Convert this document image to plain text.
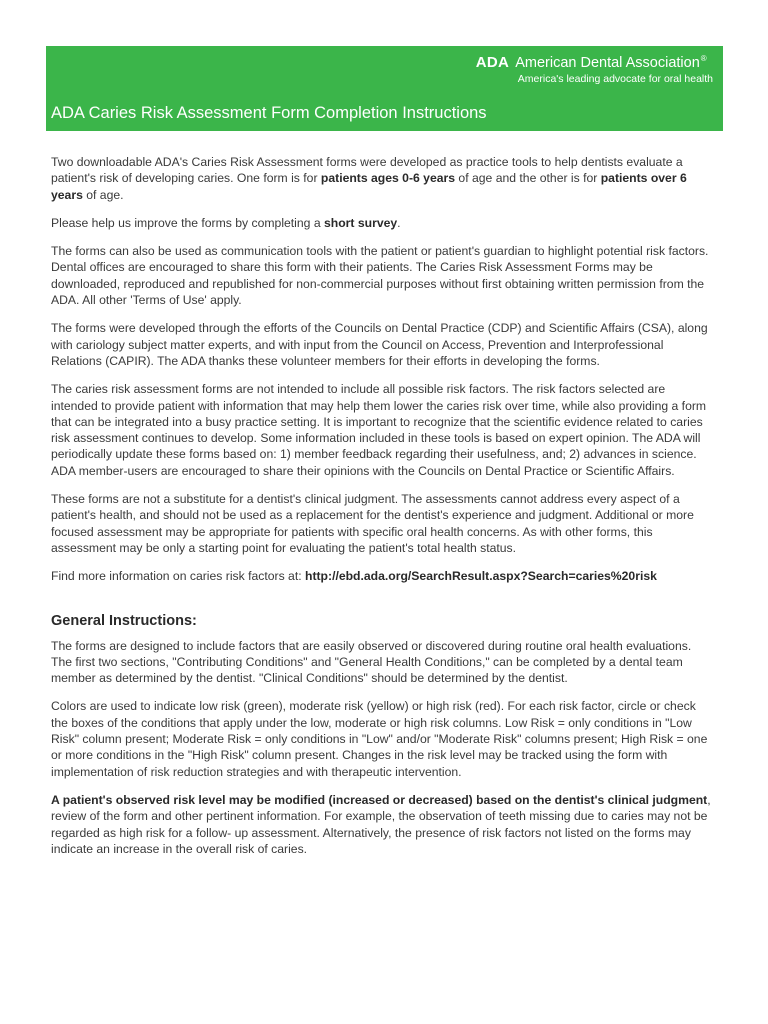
ADA American Dental Association®
America's leading advocate for oral health
ADA Caries Risk Assessment Form Completion Instructions

Two downloadable ADA's Caries Risk Assessment forms were developed as practice tools to help dentists evaluate a patient's risk of developing caries. One form is for patients ages 0-6 years of age and the other is for patients over 6 years of age.

Please help us improve the forms by completing a short survey.

The forms can also be used as communication tools with the patient or patient's guardian to highlight potential risk factors. Dental offices are encouraged to share this form with their patients. The Caries Risk Assessment Forms may be downloaded, reproduced and republished for non-commercial purposes without first obtaining written permission from the ADA. All other 'Terms of Use' apply.

The forms were developed through the efforts of the Councils on Dental Practice (CDP) and Scientific Affairs (CSA), along with cariology subject matter experts, and with input from the Council on Access, Prevention and Interprofessional Relations (CAPIR). The ADA thanks these volunteer members for their efforts in developing the forms.

The caries risk assessment forms are not intended to include all possible risk factors. The risk factors selected are intended to provide patient with information that may help them lower the caries risk over time, while also providing a form that can be integrated into a busy practice setting. It is important to recognize that the scientific evidence related to caries risk assessment continues to develop. Some information included in these tools is based on expert opinion. The ADA will periodically update these forms based on: 1) member feedback regarding their usefulness, and; 2) advances in science. ADA member-users are encouraged to share their opinions with the Councils on Dental Practice or Scientific Affairs.

These forms are not a substitute for a dentist's clinical judgment. The assessments cannot address every aspect of a patient's health, and should not be used as a replacement for the dentist's experience and judgment. Additional or more focused assessment may be appropriate for patients with specific oral health concerns. As with other forms, this assessment may be only a starting point for evaluating the patient's total health status.

Find more information on caries risk factors at: http://ebd.ada.org/SearchResult.aspx?Search=caries%20risk

General Instructions:

The forms are designed to include factors that are easily observed or discovered during routine oral health evaluations. The first two sections, "Contributing Conditions" and "General Health Conditions," can be completed by a dental team member as determined by the dentist. "Clinical Conditions" should be determined by the dentist.

Colors are used to indicate low risk (green), moderate risk (yellow) or high risk (red). For each risk factor, circle or check the boxes of the conditions that apply under the low, moderate or high risk columns. Low Risk = only conditions in "Low Risk" column present; Moderate Risk = only conditions in "Low" and/or "Moderate Risk" columns present; High Risk = one or more conditions in the "High Risk" column present. Changes in the risk level may be tracked using the form with implementation of risk reduction strategies and with therapeutic intervention.

A patient's observed risk level may be modified (increased or decreased) based on the dentist's clinical judgment, review of the form and other pertinent information. For example, the observation of teeth missing due to caries may not be regarded as high risk for a follow- up assessment. Alternatively, the presence of risk factors not listed on the forms may indicate an increase in the overall risk of caries.
